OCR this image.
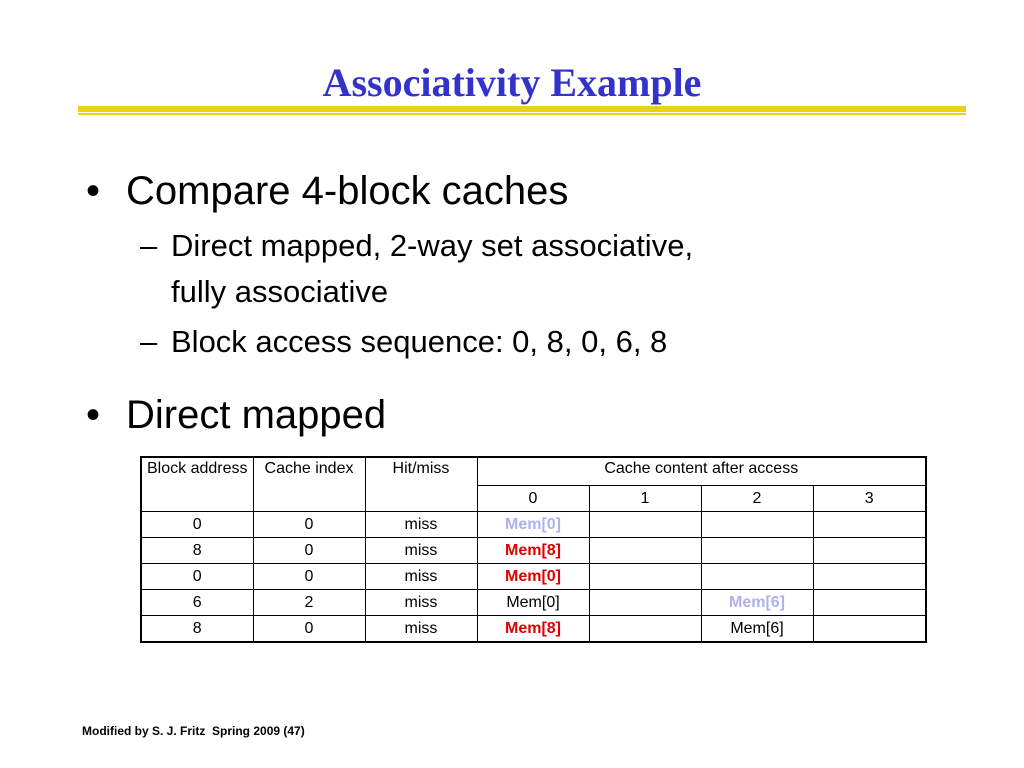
Associativity Example
• Compare 4-block caches
– Direct mapped, 2-way set associative,
fully associative
– Block access sequence: 0, 8, 0, 6, 8
• Direct mapped
Block address	Cache index	Hit/miss	Cache content after access			
			0	1	2	3
0	0	miss	Mem[0]			
8	0	miss	Mem[8]			
0	0	miss	Mem[0]			
6	2	miss	Mem[0]		Mem[6]	
8	0	miss	Mem[8]		Mem[6]	
Modified by S. J. Fritz  Spring 2009 (47)
